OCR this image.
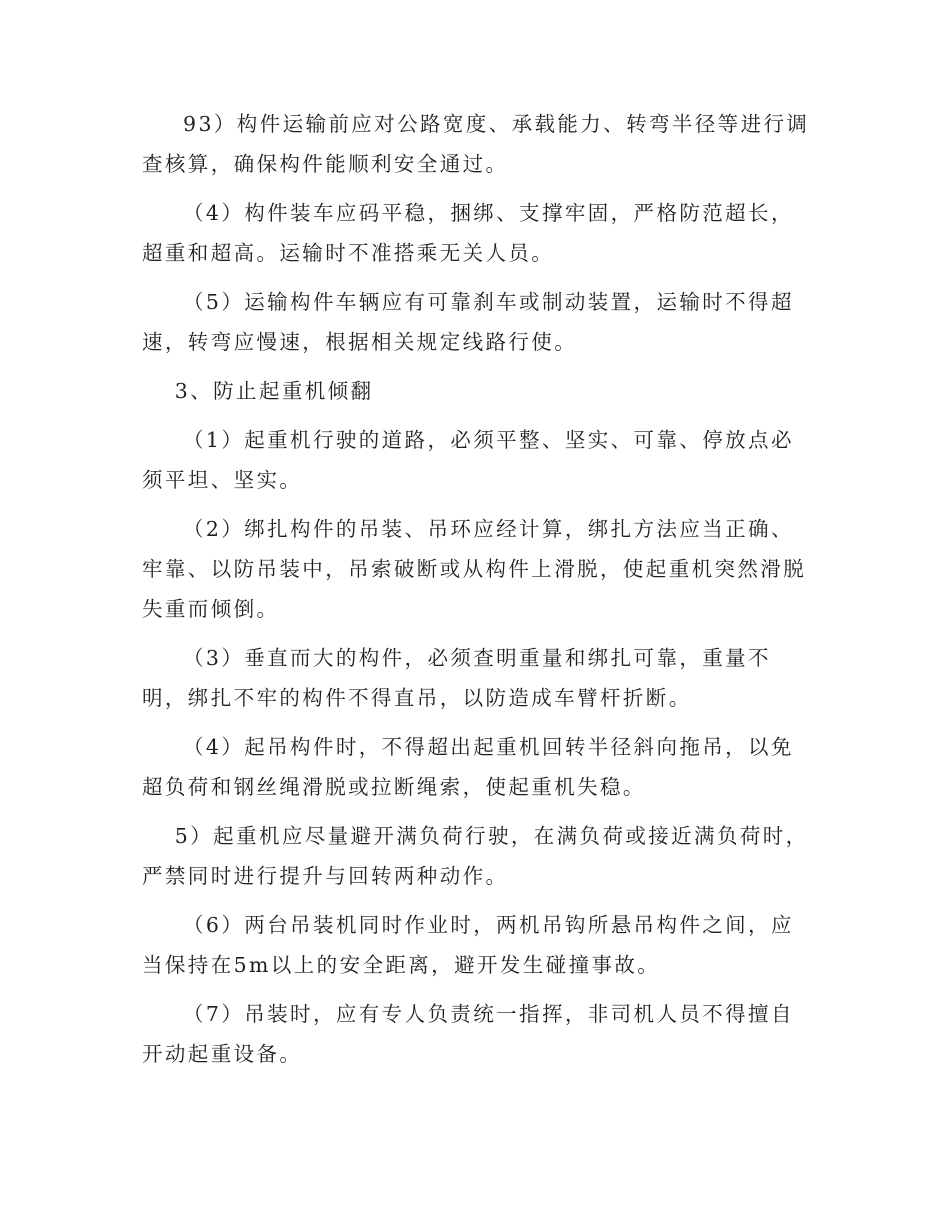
93）构件运输前应对公路宽度、承载能力、转弯半径等进行调查核算，确保构件能顺利安全通过。

（4）构件装车应码平稳，捆绑、支撑牢固，严格防范超长，超重和超高。运输时不准搭乘无关人员。

（5）运输构件车辆应有可靠刹车或制动装置，运输时不得超速，转弯应慢速，根据相关规定线路行使。

3、防止起重机倾翻

（1）起重机行驶的道路，必须平整、坚实、可靠、停放点必须平坦、坚实。

（2）绑扎构件的吊装、吊环应经计算，绑扎方法应当正确、牢靠、以防吊装中，吊索破断或从构件上滑脱，使起重机突然滑脱失重而倾倒。

（3）垂直而大的构件，必须查明重量和绑扎可靠，重量不明，绑扎不牢的构件不得直吊，以防造成车臂杆折断。

（4）起吊构件时，不得超出起重机回转半径斜向拖吊，以免超负荷和钢丝绳滑脱或拉断绳索，使起重机失稳。

5）起重机应尽量避开满负荷行驶，在满负荷或接近满负荷时，严禁同时进行提升与回转两种动作。

（6）两台吊装机同时作业时，两机吊钩所悬吊构件之间，应当保持在5m以上的安全距离，避开发生碰撞事故。

（7）吊装时，应有专人负责统一指挥，非司机人员不得擅自开动起重设备。
